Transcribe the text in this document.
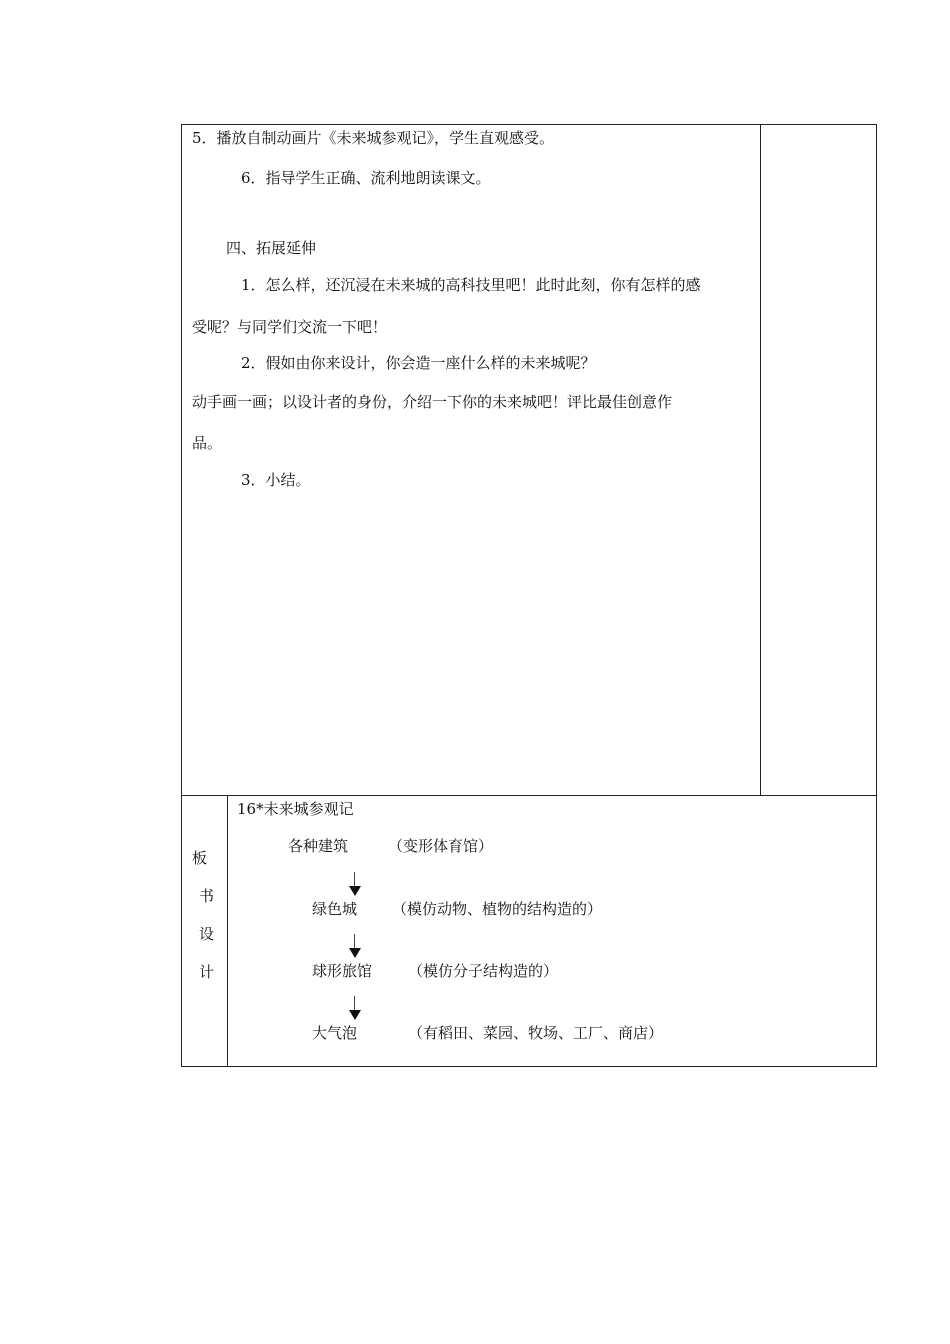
5．播放自制动画片《未来城参观记》，学生直观感受。
6．指导学生正确、流利地朗读课文。
四、拓展延伸
1．怎么样，还沉浸在未来城的高科技里吧！此时此刻，你有怎样的感
受呢？与同学们交流一下吧！
2．假如由你来设计，你会造一座什么样的未来城呢？
动手画一画；以设计者的身份，介绍一下你的未来城吧！评比最佳创意作
品。
3．小结。
板
书
设
计
16*未来城参观记
各种建筑	（变形体育馆）
绿色城 （模仿动物、植物的结构造的）
球形旅馆 （模仿分子结构造的）
大气泡	（有稻田、菜园、牧场、工厂、商店）
